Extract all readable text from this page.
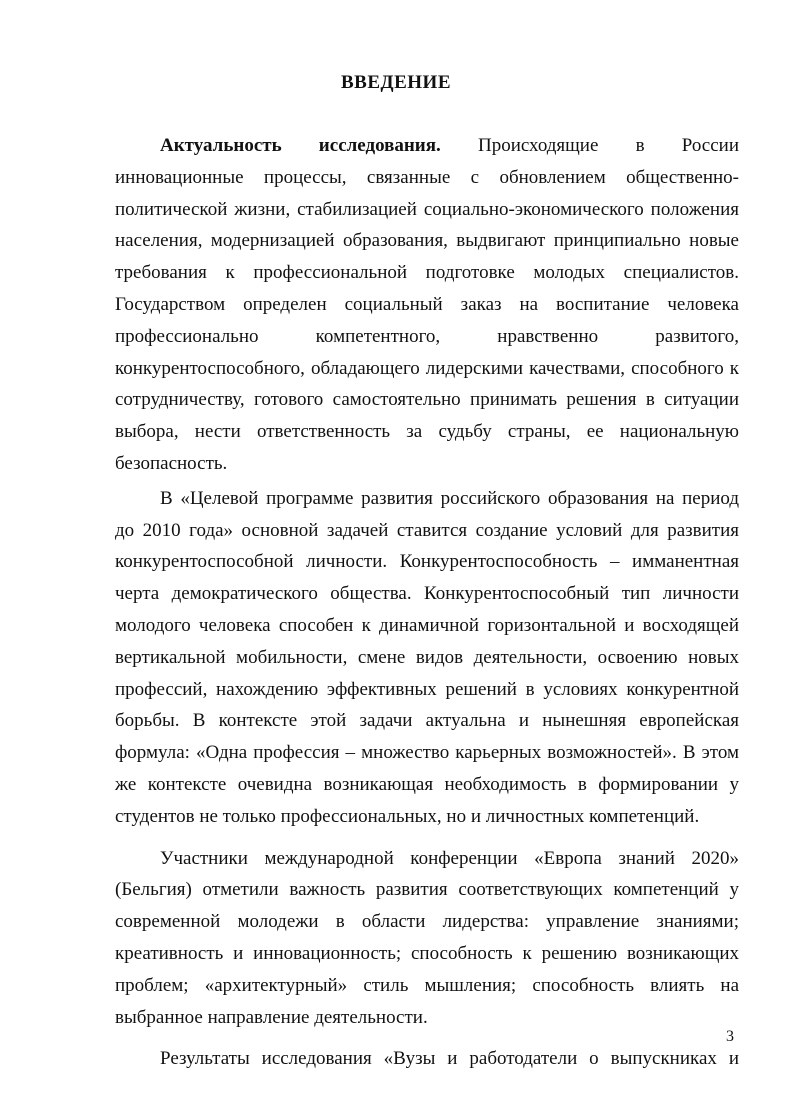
ВВЕДЕНИЕ

Актуальность исследования. Происходящие в России инновационные процессы, связанные с обновлением общественно-политической жизни, стабилизацией социально-экономического положения населения, модернизацией образования, выдвигают принципиально новые требования к профессиональной подготовке молодых специалистов. Государством определен социальный заказ на воспитание человека профессионально компетентного, нравственно развитого, конкурентоспособного, обладающего лидерскими качествами, способного к сотрудничеству, готового самостоятельно принимать решения в ситуации выбора, нести ответственность за судьбу страны, ее национальную безопасность.

В «Целевой программе развития российского образования на период до 2010 года» основной задачей ставится создание условий для развития конкурентоспособной личности. Конкурентоспособность – имманентная черта демократического общества. Конкурентоспособный тип личности молодого человека способен к динамичной горизонтальной и восходящей вертикальной мобильности, смене видов деятельности, освоению новых профессий, нахождению эффективных решений в условиях конкурентной борьбы. В контексте этой задачи актуальна и нынешняя европейская формула: «Одна профессия – множество карьерных возможностей». В этом же контексте очевидна возникающая необходимость в формировании у студентов не только профессиональных, но и личностных компетенций.

Участники международной конференции «Европа знаний 2020» (Бельгия) отметили важность развития соответствующих компетенций у современной молодежи в области лидерства: управление знаниями; креативность и инновационность; способность к решению возникающих проблем; «архитектурный» стиль мышления; способность влиять на выбранное направление деятельности.

Результаты исследования «Вузы и работодатели о выпускниках и

3
